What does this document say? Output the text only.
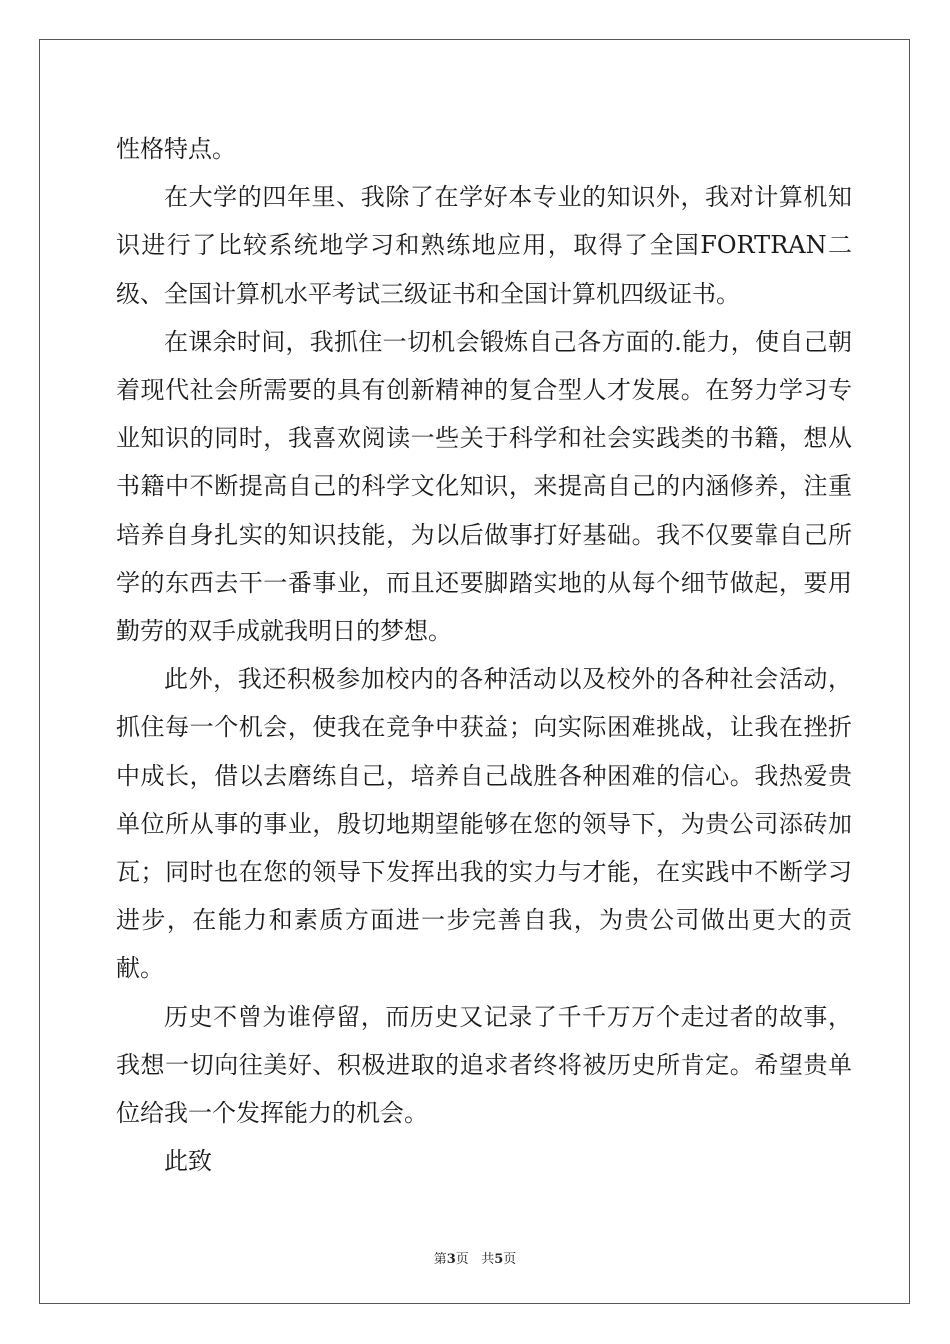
性格特点。

在大学的四年里、我除了在学好本专业的知识外，我对计算机知识进行了比较系统地学习和熟练地应用，取得了全国FORTRAN二级、全国计算机水平考试三级证书和全国计算机四级证书。

在课余时间，我抓住一切机会锻炼自己各方面的.能力，使自己朝着现代社会所需要的具有创新精神的复合型人才发展。在努力学习专业知识的同时，我喜欢阅读一些关于科学和社会实践类的书籍，想从书籍中不断提高自己的科学文化知识，来提高自己的内涵修养，注重培养自身扎实的知识技能，为以后做事打好基础。我不仅要靠自己所学的东西去干一番事业，而且还要脚踏实地的从每个细节做起，要用勤劳的双手成就我明日的梦想。

此外，我还积极参加校内的各种活动以及校外的各种社会活动，抓住每一个机会，使我在竞争中获益；向实际困难挑战，让我在挫折中成长，借以去磨练自己，培养自己战胜各种困难的信心。我热爱贵单位所从事的事业，殷切地期望能够在您的领导下，为贵公司添砖加瓦；同时也在您的领导下发挥出我的实力与才能，在实践中不断学习进步，在能力和素质方面进一步完善自我，为贵公司做出更大的贡献。

历史不曾为谁停留，而历史又记录了千千万万个走过者的故事，我想一切向往美好、积极进取的追求者终将被历史所肯定。希望贵单位给我一个发挥能力的机会。

此致

第3页 共5页
